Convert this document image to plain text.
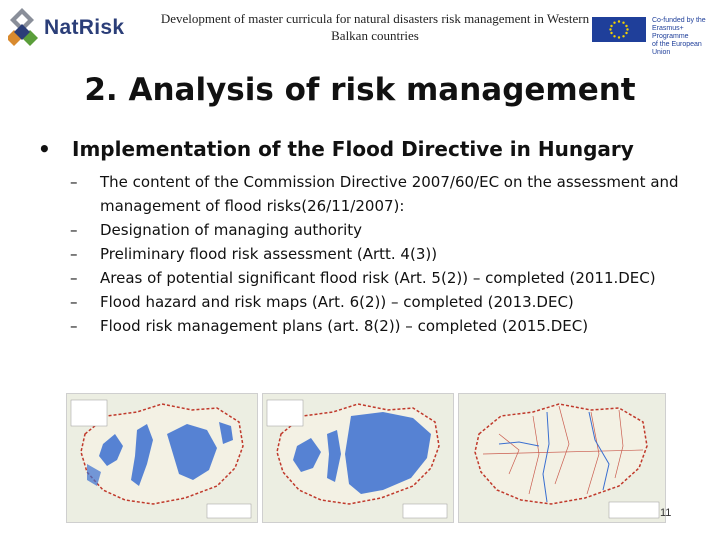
NatRisk	Development of master curricula for natural disasters risk management in Western Balkan countries
Co-funded by the
Erasmus+ Programme
of the European Union
2. Analysis of risk management
• Implementation of the Flood Directive in Hungary
– The content of the Commission Directive 2007/60/EC on the assessment and management of flood risks(26/11/2007):
– Designation of managing authority
– Preliminary flood risk assessment (Artt. 4(3))
– Areas of potential significant flood risk (Art. 5(2)) – completed (2011.DEC)
– Flood hazard and risk maps (Art. 6(2)) – completed (2013.DEC)
– Flood risk management plans (art. 8(2)) – completed (2015.DEC)
11
